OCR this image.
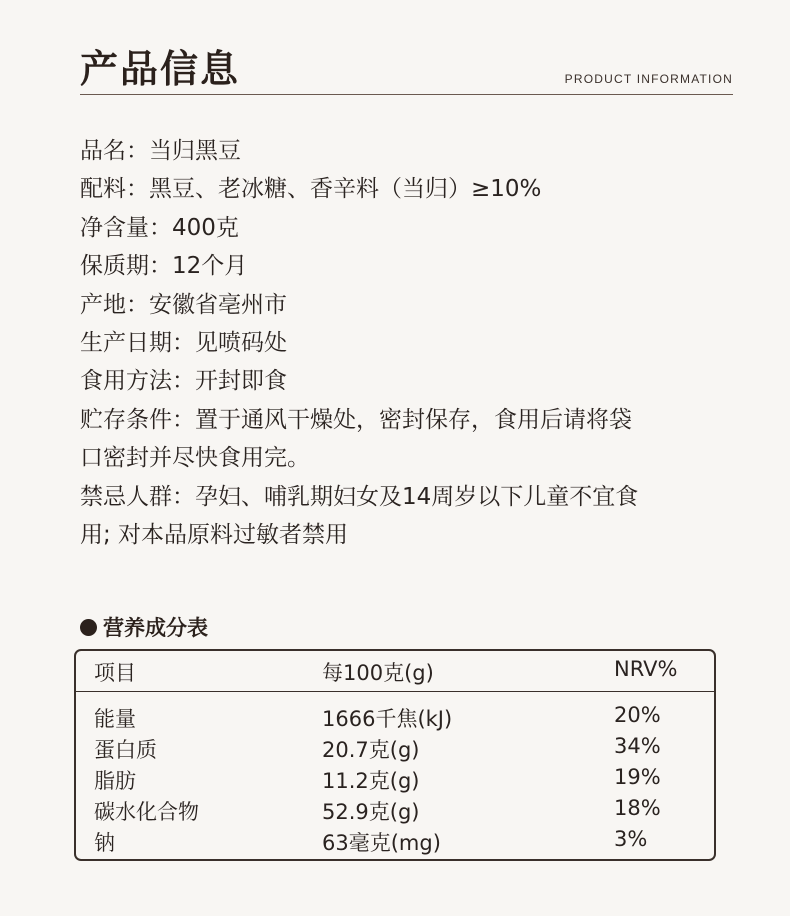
产品信息	PRODUCT INFORMATION

品名：当归黑豆

配料：黑豆、老冰糖、香辛料（当归）≥10%

净含量：400克

保质期：12个月

产地：安徽省亳州市

生产日期：见喷码处

食用方法：开封即食

贮存条件：置于通风干燥处，密封保存，食用后请将袋

口密封并尽快食用完。

禁忌人群：孕妇、哺乳期妇女及14周岁以下儿童不宜食

用; 对本品原料过敏者禁用

营养成分表
项目	每100克(g)	NRV%
能量	1666千焦(kJ)	20%
蛋白质	20.7克(g)	34%
脂肪	11.2克(g)	19%
碳水化合物	52.9克(g)	18%
钠	63毫克(mg)	3%
